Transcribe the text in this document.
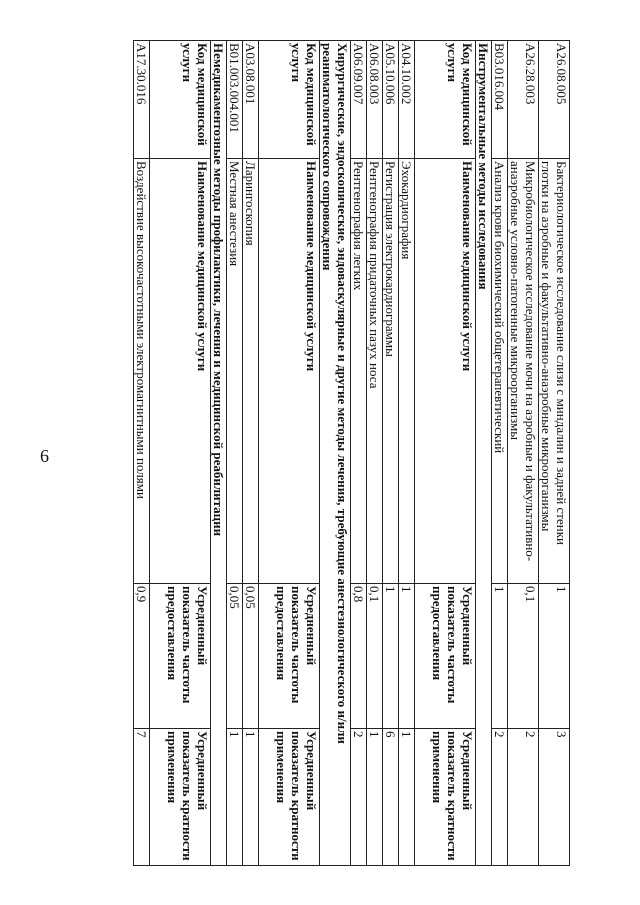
6
A26.08.005	Бактериологическое исследование слизи с миндалин и задней стенки глотки на аэробные и факультативно-анаэробные микроорганизмы	1	3
A26.28.003	Микробиологическое исследование мочи на аэробные и факультативно-анаэробные условно-патогенные микроорганизмы	0,1	2
B03.016.004	Анализ крови биохимический общетерапевтический	1	2
Инструментальные методы исследования			
Код медицинской услуги	Наименование медицинской услуги	Усредненный показатель частоты предоставления	Усредненный показатель кратности применения
A04.10.002	Эхокардиография	1	1
A05.10.006	Регистрация электрокардиограммы	1	6
A06.08.003	Рентгенография придаточных пазух носа	0,1	1
A06.09.007	Рентгенография легких	0,8	2
Хирургические, эндоскопические, эндоваскулярные и другие методы лечения, требующие анестезиологического и/или реаниматологического сопровождения			
Код медицинской услуги	Наименование медицинской услуги	Усредненный показатель частоты предоставления	Усредненный показатель кратности применения
A03.08.001	Ларингоскопия	0,05	1
B01.003.004.001	Местная анестезия	0,05	1
Немедикаментозные методы профилактики, лечения и медицинской реабилитации			
Код медицинской услуги	Наименование медицинской услуги	Усредненный показатель частоты предоставления	Усредненный показатель кратности применения
A17.30.016	Воздействие высокочастотными электромагнитными полями	0,9	7
